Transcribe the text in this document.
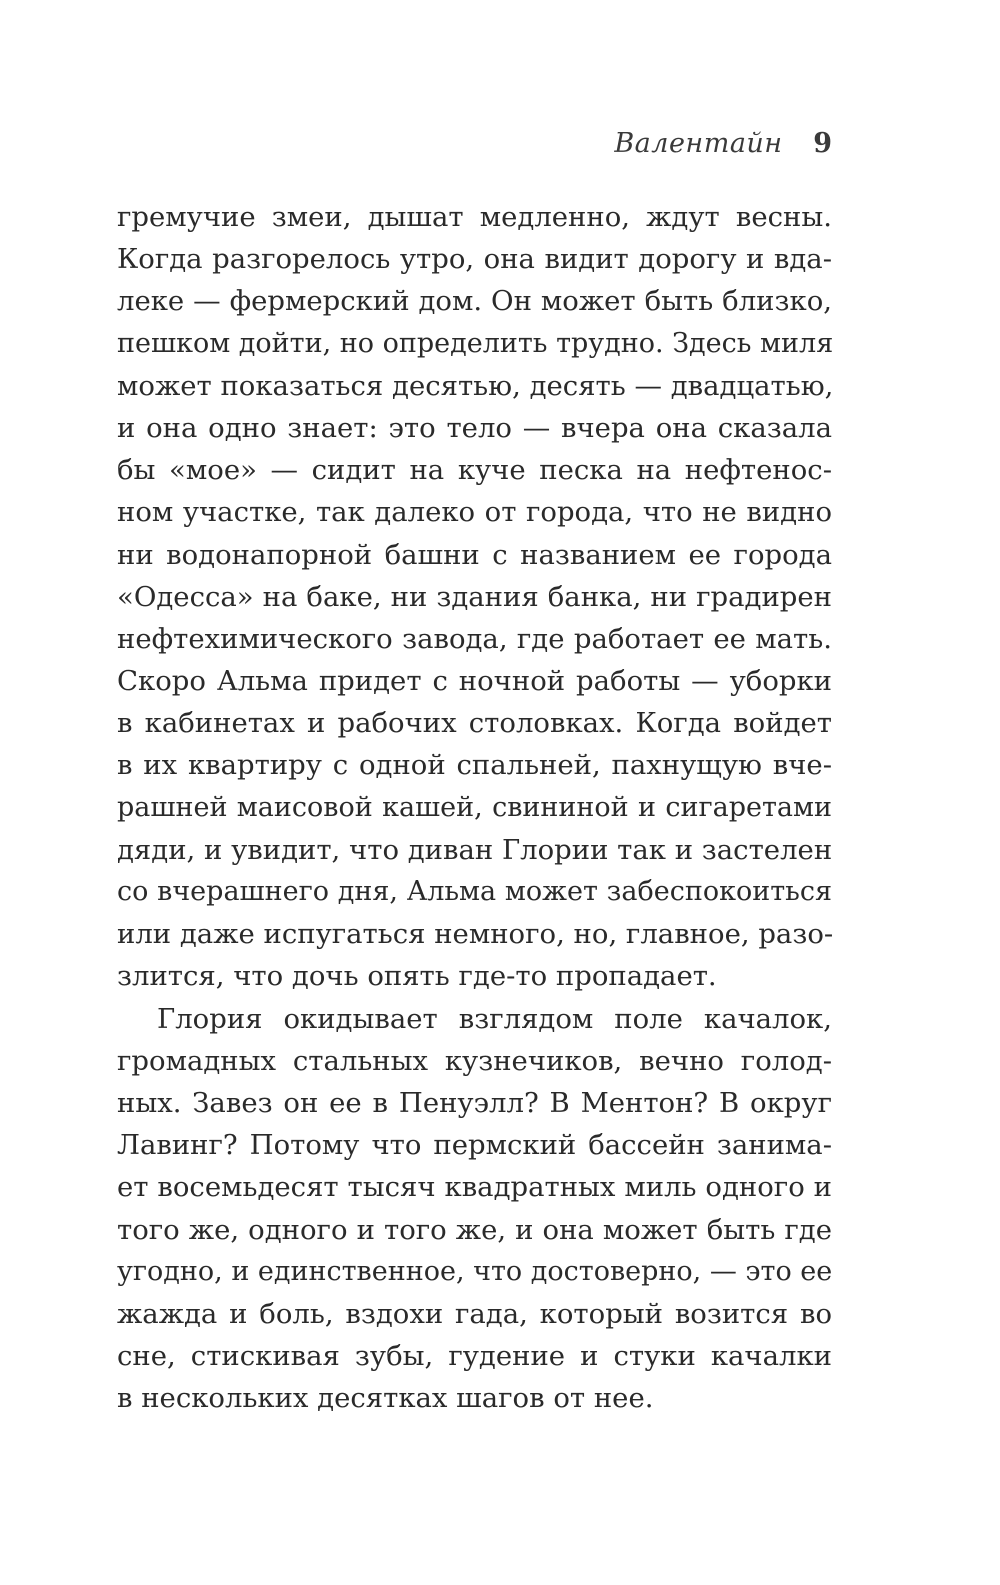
Валентайн 9
гремучие змеи, дышат медленно, ждут весны.
Когда разгорелось утро, она видит дорогу и вда-
леке — фермерский дом. Он может быть близко,
пешком дойти, но определить трудно. Здесь миля
может показаться десятью, десять — двадцатью,
и она одно знает: это тело — вчера она сказала
бы «мое» — сидит на куче песка на нефтенос-
ном участке, так далеко от города, что не видно
ни водонапорной башни с названием ее города
«Одесса» на баке, ни здания банка, ни градирен
нефтехимического завода, где работает ее мать.
Скоро Альма придет с ночной работы — уборки
в кабинетах и рабочих столовках. Когда войдет
в их квартиру с одной спальней, пахнущую вче-
рашней маисовой кашей, свининой и сигаретами
дяди, и увидит, что диван Глории так и застелен
со вчерашнего дня, Альма может забеспокоиться
или даже испугаться немного, но, главное, разо-
злится, что дочь опять где-то пропадает.
Глория окидывает взглядом поле качалок,
громадных стальных кузнечиков, вечно голод-
ных. Завез он ее в Пенуэлл? В Ментон? В округ
Лавинг? Потому что пермский бассейн занима-
ет восемьдесят тысяч квадратных миль одного и
того же, одного и того же, и она может быть где
угодно, и единственное, что достоверно, — это ее
жажда и боль, вздохи гада, который возится во
сне, стискивая зубы, гудение и стуки качалки
в нескольких десятках шагов от нее.
